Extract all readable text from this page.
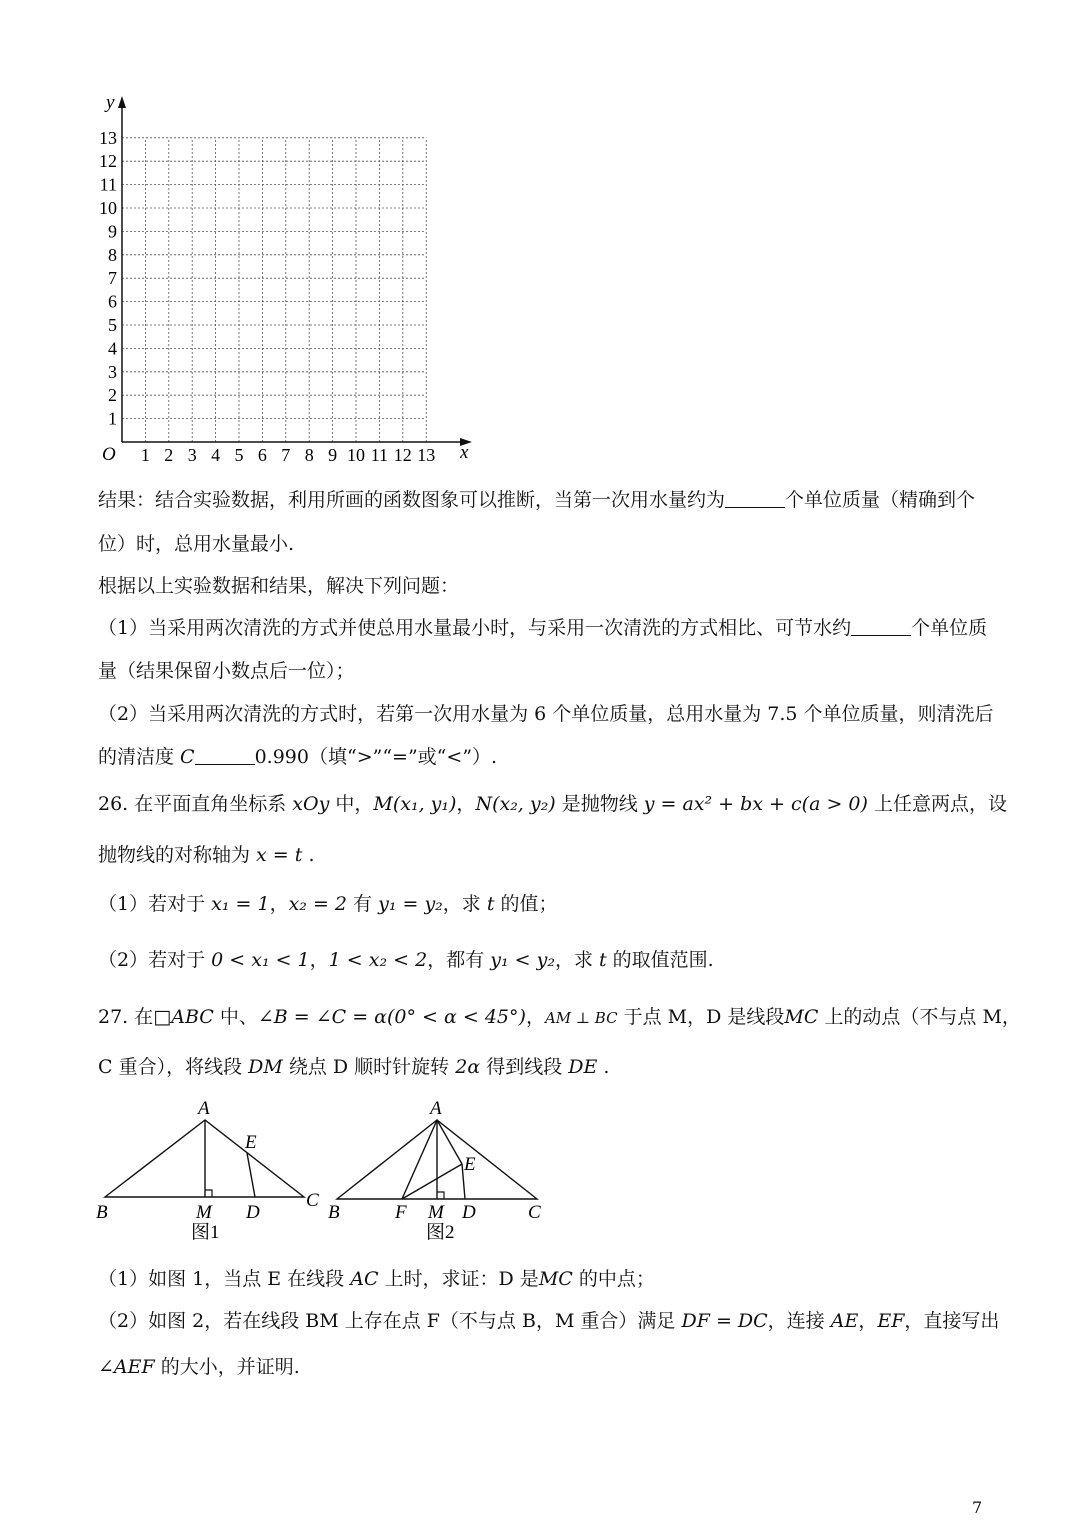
y
x
O
1
2
3
4
5
6
7
8
9
10
11
12
13
1 2 3 4 5 6 7 8 9 10 11 12 13
结果：结合实验数据，利用所画的函数图象可以推断，当第一次用水量约为	个单位质量（精确到个
位）时，总用水量最小.
根据以上实验数据和结果，解决下列问题：
（1）当采用两次清洗的方式并使总用水量最小时，与采用一次清洗的方式相比、可节水约	个单位质
量（结果保留小数点后一位）；
（2）当采用两次清洗的方式时，若第一次用水量为 6 个单位质量，总用水量为 7.5 个单位质量，则清洗后
的清洁度 C	0.990（填“>”“=”或“<”）.
26. 在平面直角坐标系 xOy 中，M(x₁, y₁)，N(x₂, y₂) 是抛物线 y = ax² + bx + c(a > 0) 上任意两点，设
抛物线的对称轴为 x = t .
（1）若对于 x₁ = 1，x₂ = 2 有 y₁ = y₂，求 t 的值；
（2）若对于 0 < x₁ < 1，1 < x₂ < 2，都有 y₁ < y₂，求 t 的取值范围.
27. 在□ABC 中、∠B = ∠C = α(0° < α < 45°)，AM ⊥ BC 于点 M，D 是线段MC 上的动点（不与点 M，
C 重合），将线段 DM 绕点 D 顺时针旋转 2α 得到线段 DE .
A
B
C
M D
E
图1
A
B	C
F M D
E
图2
（1）如图 1，当点 E 在线段 AC 上时，求证：D 是MC 的中点；
（2）如图 2，若在线段 BM 上存在点 F（不与点 B，M 重合）满足 DF = DC，连接 AE，EF，直接写出
∠AEF 的大小，并证明.
7
